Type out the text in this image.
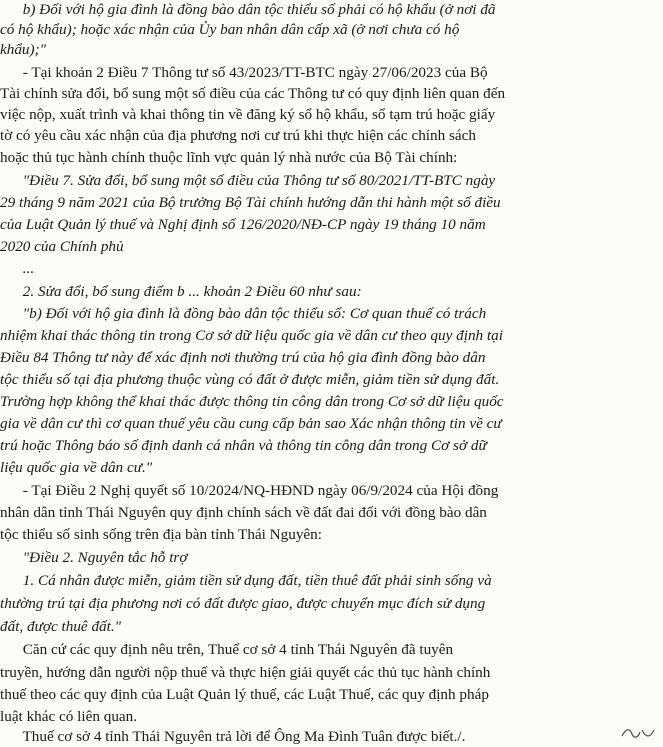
b) Đối với hộ gia đình là đồng bào dân tộc thiểu số phải có hộ khẩu (ở nơi đã
có hộ khẩu); hoặc xác nhận của Ủy ban nhân dân cấp xã (ở nơi chưa có hộ
khẩu);"
- Tại khoản 2 Điều 7 Thông tư số 43/2023/TT-BTC ngày 27/06/2023 của Bộ
Tài chính sửa đổi, bổ sung một số điều của các Thông tư có quy định liên quan đến
việc nộp, xuất trình và khai thông tin về đăng ký sổ hộ khẩu, sổ tạm trú hoặc giấy
tờ có yêu cầu xác nhận của địa phương nơi cư trú khi thực hiện các chính sách
hoặc thủ tục hành chính thuộc lĩnh vực quản lý nhà nước của Bộ Tài chính:
"Điều 7. Sửa đổi, bổ sung một số điều của Thông tư số 80/2021/TT-BTC ngày
29 tháng 9 năm 2021 của Bộ trưởng Bộ Tài chính hướng dẫn thi hành một số điều
của Luật Quản lý thuế và Nghị định số 126/2020/NĐ-CP ngày 19 tháng 10 năm
2020 của Chính phủ
...
2. Sửa đổi, bổ sung điểm b ... khoản 2 Điều 60 như sau:
"b) Đối với hộ gia đình là đồng bào dân tộc thiểu số: Cơ quan thuế có trách
nhiệm khai thác thông tin trong Cơ sở dữ liệu quốc gia về dân cư theo quy định tại
Điều 84 Thông tư này để xác định nơi thường trú của hộ gia đình đồng bào dân
tộc thiểu số tại địa phương thuộc vùng có đất ở được miễn, giảm tiền sử dụng đất.
Trường hợp không thể khai thác được thông tin công dân trong Cơ sở dữ liệu quốc
gia về dân cư thì cơ quan thuế yêu cầu cung cấp bản sao Xác nhận thông tin về cư
trú hoặc Thông báo số định danh cá nhân và thông tin công dân trong Cơ sở dữ
liệu quốc gia về dân cư."
- Tại Điều 2 Nghị quyết số 10/2024/NQ-HĐND ngày 06/9/2024 của Hội đồng
nhân dân tỉnh Thái Nguyên quy định chính sách về đất đai đối với đồng bào dân
tộc thiểu số sinh sống trên địa bàn tỉnh Thái Nguyên:
"Điều 2. Nguyên tắc hỗ trợ
1. Cá nhân được miễn, giảm tiền sử dụng đất, tiền thuê đất phải sinh sống và
thường trú tại địa phương nơi có đất được giao, được chuyển mục đích sử dụng
đất, được thuê đất."
Căn cứ các quy định nêu trên, Thuế cơ sở 4 tỉnh Thái Nguyên đã tuyên
truyền, hướng dẫn người nộp thuế và thực hiện giải quyết các thủ tục hành chính
thuế theo các quy định của Luật Quản lý thuế, các Luật Thuế, các quy định pháp
luật khác có liên quan.
Thuế cơ sở 4 tỉnh Thái Nguyên trả lời để Ông Ma Đình Tuân được biết./.
